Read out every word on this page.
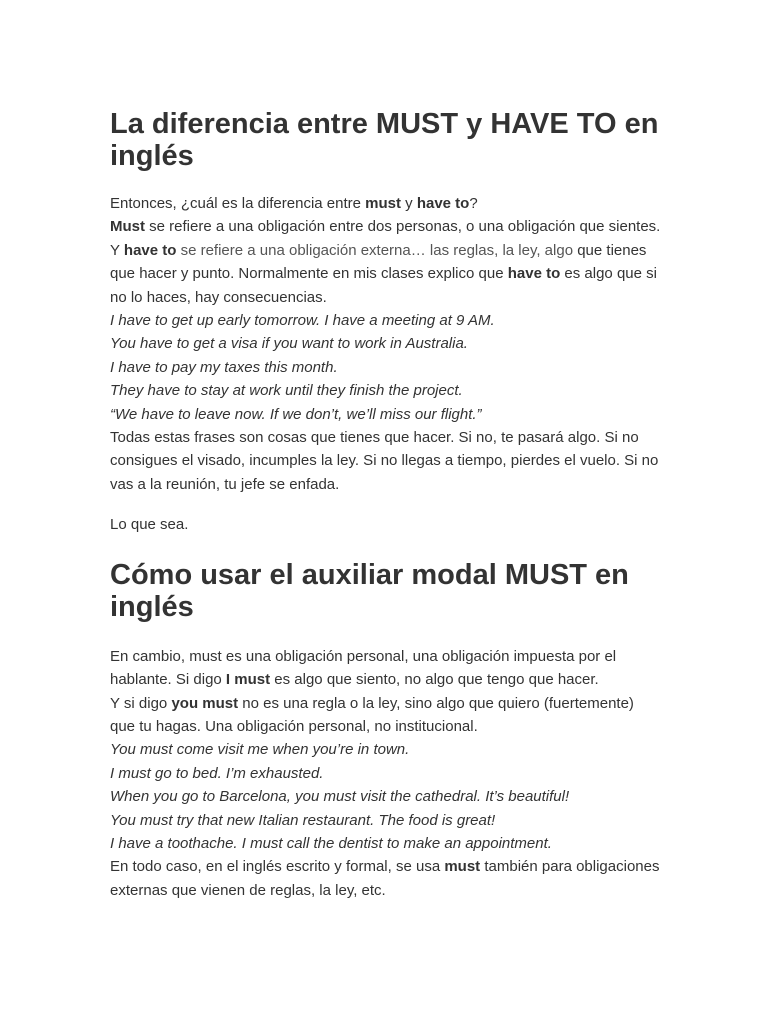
La diferencia entre MUST y HAVE TO en inglés

Entonces, ¿cuál es la diferencia entre must y have to?

Must se refiere a una obligación entre dos personas, o una obligación que sientes.

Y have to se refiere a una obligación externa… las reglas, la ley, algo que tienes que hacer y punto. Normalmente en mis clases explico que have to es algo que si no lo haces, hay consecuencias.

I have to get up early tomorrow. I have a meeting at 9 AM.
You have to get a visa if you want to work in Australia.
I have to pay my taxes this month.
They have to stay at work until they finish the project.
“We have to leave now. If we don’t, we’ll miss our flight.”

Todas estas frases son cosas que tienes que hacer. Si no, te pasará algo. Si no consigues el visado, incumples la ley. Si no llegas a tiempo, pierdes el vuelo. Si no vas a la reunión, tu jefe se enfada.

Lo que sea.

Cómo usar el auxiliar modal MUST en inglés

En cambio, must es una obligación personal, una obligación impuesta por el hablante. Si digo I must es algo que siento, no algo que tengo que hacer.

Y si digo you must no es una regla o la ley, sino algo que quiero (fuertemente) que tu hagas. Una obligación personal, no institucional.

You must come visit me when you’re in town.
I must go to bed. I’m exhausted.
When you go to Barcelona, you must visit the cathedral. It’s beautiful!
You must try that new Italian restaurant. The food is great!
I have a toothache. I must call the dentist to make an appointment.

En todo caso, en el inglés escrito y formal, se usa must también para obligaciones externas que vienen de reglas, la ley, etc.
